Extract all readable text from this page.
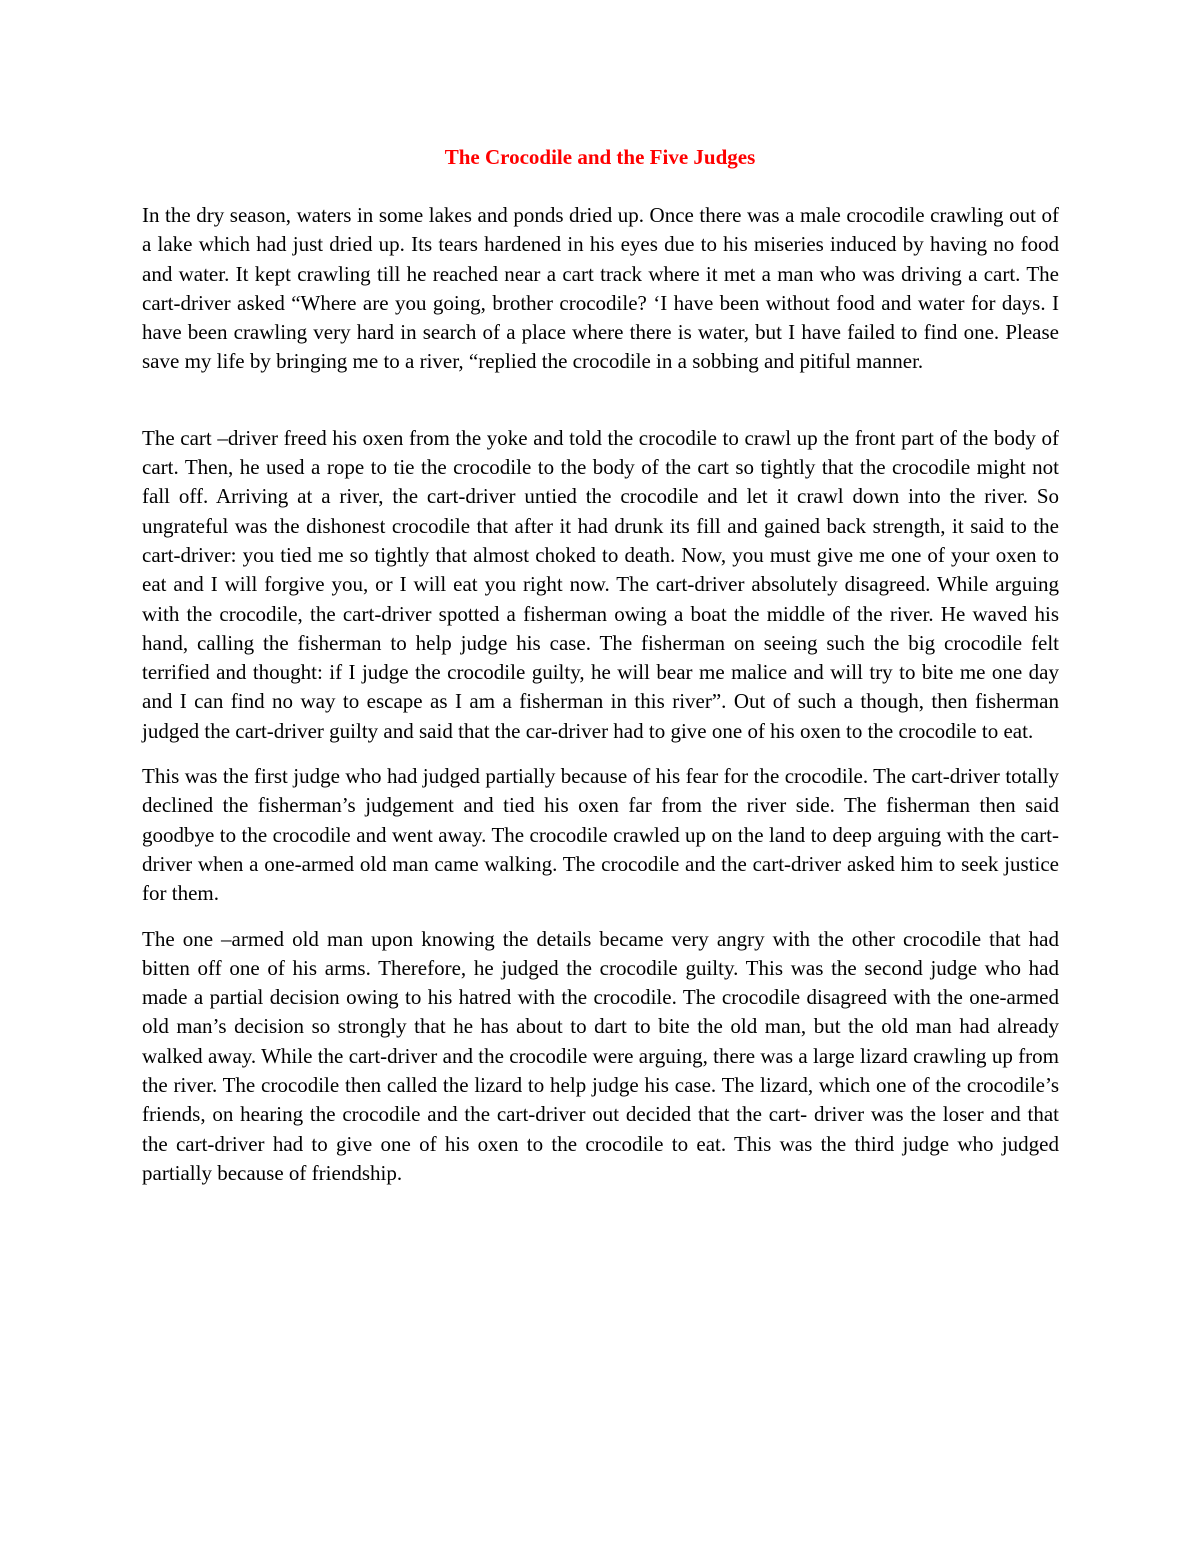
The Crocodile and the Five Judges

In the dry season, waters in some lakes and ponds dried up. Once there was a male crocodile crawling out of a lake which had just dried up. Its tears hardened in his eyes due to his miseries induced by having no food and water. It kept crawling till he reached near a cart track where it met a man who was driving a cart. The cart-driver asked “Where are you going, brother crocodile? ‘I have been without food and water for days. I have been crawling very hard in search of a place where there is water, but I have failed to find one. Please save my life by bringing me to a river, “replied the crocodile in a sobbing and pitiful manner.

The cart –driver freed his oxen from the yoke and told the crocodile to crawl up the front part of the body of cart. Then, he used a rope to tie the crocodile to the body of the cart so tightly that the crocodile might not fall off. Arriving at a river, the cart-driver untied the crocodile and let it crawl down into the river. So ungrateful was the dishonest crocodile that after it had drunk its fill and gained back strength, it said to the cart-driver: you tied me so tightly that almost choked to death. Now, you must give me one of your oxen to eat and I will forgive you, or I will eat you right now. The cart-driver absolutely disagreed. While arguing with the crocodile, the cart-driver spotted a fisherman owing a boat the middle of the river. He waved his hand, calling the fisherman to help judge his case. The fisherman on seeing such the big crocodile felt terrified and thought: if I judge the crocodile guilty, he will bear me malice and will try to bite me one day and I can find no way to escape as I am a fisherman in this river”. Out of such a though, then fisherman judged the cart-driver guilty and said that the car-driver had to give one of his oxen to the crocodile to eat.

This was the first judge who had judged partially because of his fear for the crocodile. The cart-driver totally declined the fisherman’s judgement and tied his oxen far from the river side. The fisherman then said goodbye to the crocodile and went away. The crocodile crawled up on the land to deep arguing with the cart-driver when a one-armed old man came walking. The crocodile and the cart-driver asked him to seek justice for them.

The one –armed old man upon knowing the details became very angry with the other crocodile that had bitten off one of his arms. Therefore, he judged the crocodile guilty. This was the second judge who had made a partial decision owing to his hatred with the crocodile. The crocodile disagreed with the one-armed old man’s decision so strongly that he has about to dart to bite the old man, but the old man had already walked away. While the cart-driver and the crocodile were arguing, there was a large lizard crawling up from the river. The crocodile then called the lizard to help judge his case. The lizard, which one of the crocodile’s friends, on hearing the crocodile and the cart-driver out decided that the cart- driver was the loser and that the cart-driver had to give one of his oxen to the crocodile to eat. This was the third judge who judged partially because of friendship.
